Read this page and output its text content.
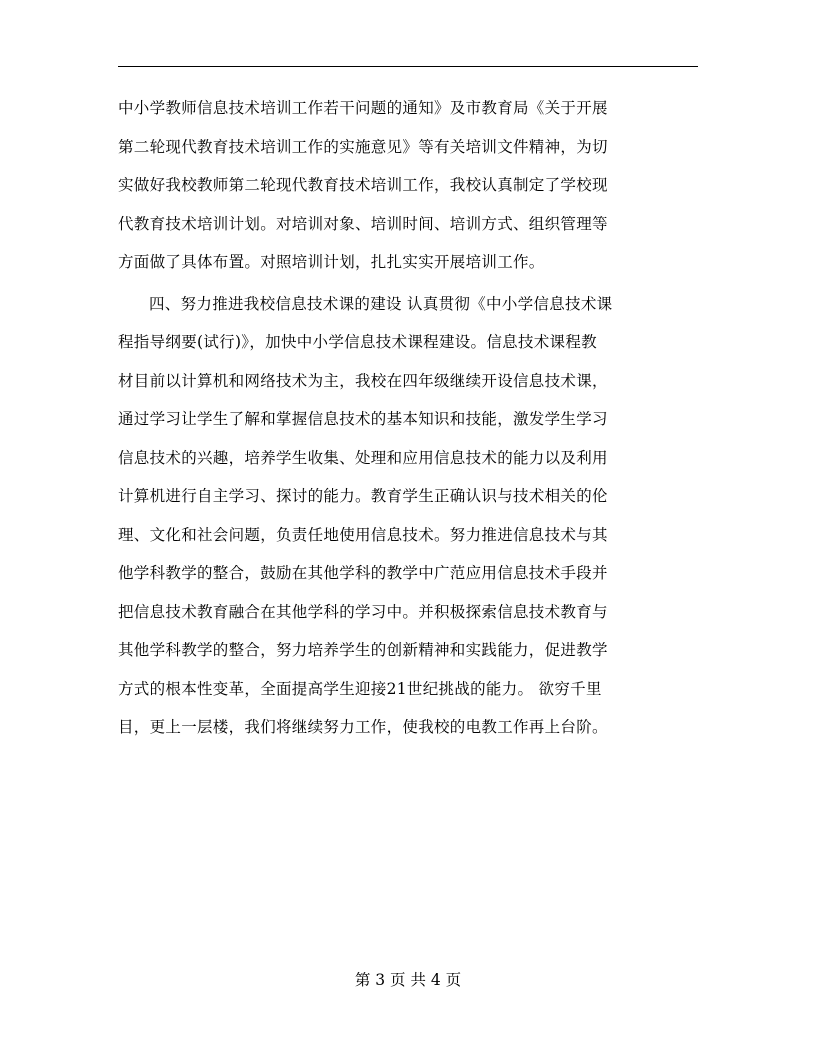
中小学教师信息技术培训工作若干问题的通知》及市教育局《关于开展
第二轮现代教育技术培训工作的实施意见》等有关培训文件精神，为切
实做好我校教师第二轮现代教育技术培训工作，我校认真制定了学校现
代教育技术培训计划。对培训对象、培训时间、培训方式、组织管理等
方面做了具体布置。对照培训计划，扎扎实实开展培训工作。
四、努力推进我校信息技术课的建设 认真贯彻《中小学信息技术课
程指导纲要(试行)》，加快中小学信息技术课程建设。信息技术课程教
材目前以计算机和网络技术为主，我校在四年级继续开设信息技术课，
通过学习让学生了解和掌握信息技术的基本知识和技能，激发学生学习
信息技术的兴趣，培养学生收集、处理和应用信息技术的能力以及利用
计算机进行自主学习、探讨的能力。教育学生正确认识与技术相关的伦
理、文化和社会问题，负责任地使用信息技术。努力推进信息技术与其
他学科教学的整合，鼓励在其他学科的教学中广范应用信息技术手段并
把信息技术教育融合在其他学科的学习中。并积极探索信息技术教育与
其他学科教学的整合，努力培养学生的创新精神和实践能力，促进教学
方式的根本性变革，全面提高学生迎接21世纪挑战的能力。 欲穷千里
目，更上一层楼，我们将继续努力工作，使我校的电教工作再上台阶。
第 3 页 共 4 页
